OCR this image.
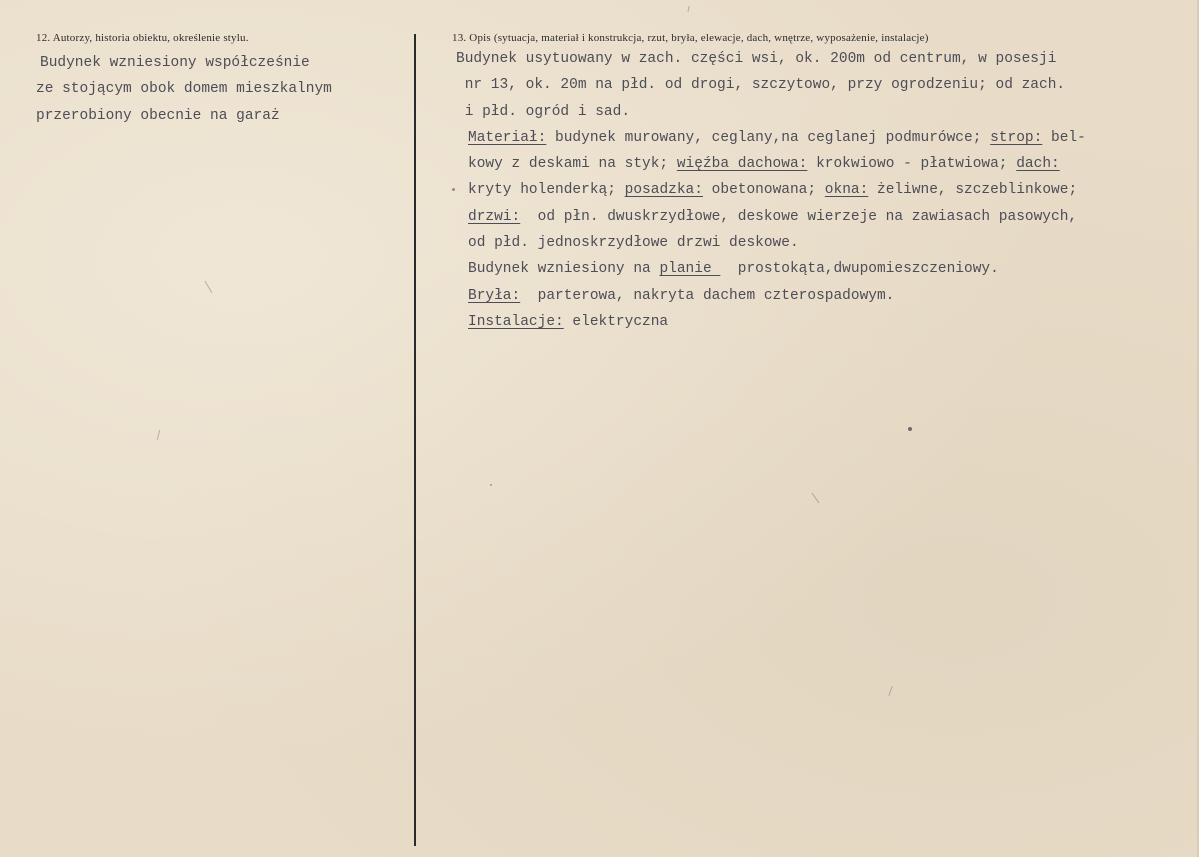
12. Autorzy, historia obiektu, określenie stylu.
Budynek wzniesiony współcześnie
ze stojącym obok domem mieszkalnym
przerobiony obecnie na garaż
13. Opis (sytuacja, materiał i konstrukcja, rzut, bryła, elewacje, dach, wnętrze, wyposażenie, instalacje)
Budynek usytuowany w zach. części wsi, ok. 200m od centrum, w posesji
nr 13, ok. 20m na płd. od drogi, szczytowo, przy ogrodzeniu; od zach.
i płd. ogród i sad.
Materiał: budynek murowany, ceglany,na ceglanej podmurówce; strop: bel-
kowy z deskami na styk; więźba dachowa: krokwiowo - płatwiowa; dach:
kryty holenderką; posadzka: obetonowana; okna: żeliwne, szczeblinkowe;
drzwi:  od płn. dwuskrzydłowe, deskowe wierzeje na zawiasach pasowych,
od płd. jednoskrzydłowe drzwi deskowe.
Budynek wzniesiony na planie   prostokąta,dwupomieszczeniowy.
Bryła:  parterowa, nakryta dachem czterospadowym.
Instalacje: elektryczna
